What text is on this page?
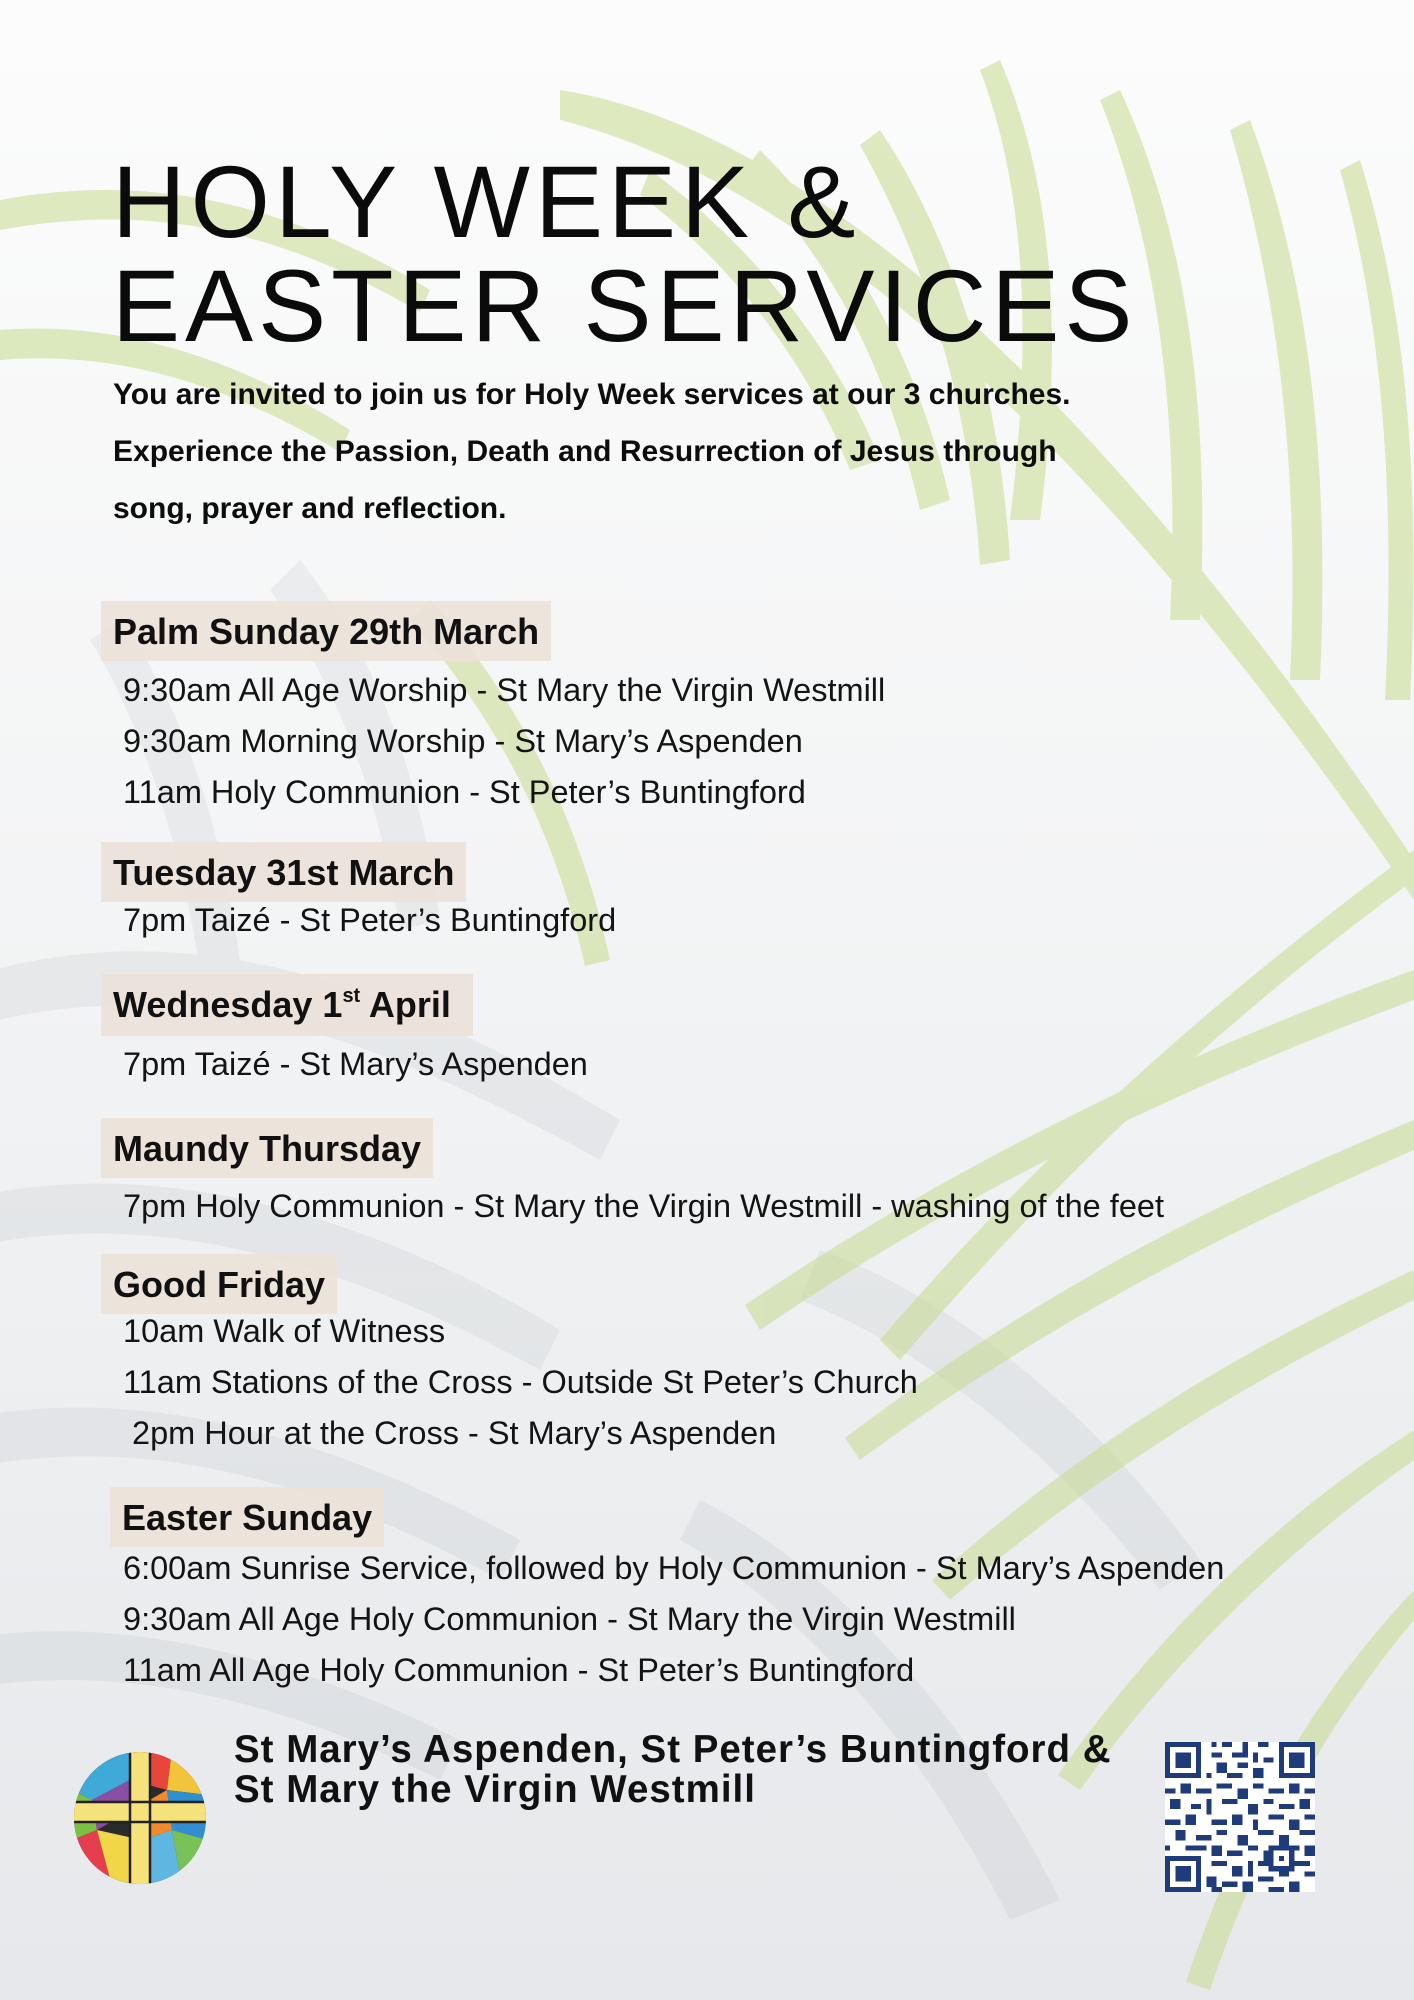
HOLY WEEK &
EASTER SERVICES

You are invited to join us for Holy Week services at our 3 churches.
Experience the Passion, Death and Resurrection of Jesus through
song, prayer and reflection.

Palm Sunday 29th March
9:30am All Age Worship - St Mary the Virgin Westmill
9:30am Morning Worship - St Mary’s Aspenden
11am Holy Communion - St Peter’s Buntingford
Tuesday 31st March
7pm Taizé - St Peter’s Buntingford
Wednesday 1st April
7pm Taizé - St Mary’s Aspenden
Maundy Thursday
7pm Holy Communion - St Mary the Virgin Westmill - washing of the feet
Good Friday
10am Walk of Witness
11am Stations of the Cross - Outside St Peter’s Church
2pm Hour at the Cross - St Mary’s Aspenden
Easter Sunday
6:00am Sunrise Service, followed by Holy Communion - St Mary’s Aspenden
9:30am All Age Holy Communion - St Mary the Virgin Westmill
11am All Age Holy Communion - St Peter’s Buntingford
St Mary’s Aspenden, St Peter’s Buntingford &
St Mary the Virgin Westmill
